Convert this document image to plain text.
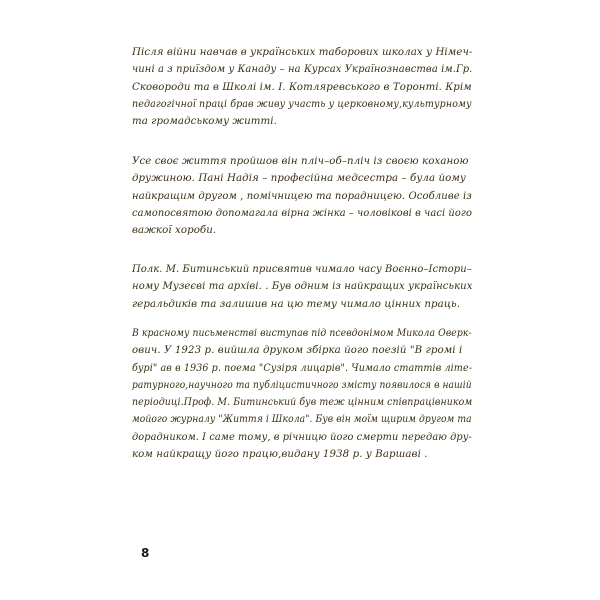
Після війни навчав в українських таборових школах у Німеч-
чині а з приїздом у Канаду – на Курсах Українознавства ім.Гр.
Сковороди та в Школі ім. І. Котляревського в Торонті. Крім
педагогічної праці брав живу участь у церковному,культурному
та громадському житті.

Усе своє життя пройшов він пліч–об–пліч із своєю коханою
дружиною. Пані Надія – професійна медсестра – була йому
найкращим другом , помічницею та порадницею. Особливе із
самопосвятою допомагала вірна жінка – чоловікові в часі його
важкої хороби.

Полк. М. Битинський присвятив чимало часу Воєнно–Істори–
ному Музеєві та архіві. . Був одним із найкращих українських
геральдиків та залишив на цю тему чимало цінних праць.

В красному письменстві виступав під псевдонімом Микола Оверк-
ович. У 1923 р. вийшла друком збірка його поезій "В громі і
бурі" ав в 1936 р. поема "Сузіря лицарів". Чимало статтів літе-
ратурного,научного та публіцистичного змісту появилося в нашій
періодиці.Проф. М. Битинський був теж цінним співпрацівником
мойого журналу "Життя і Школа". Був він моїм щирим другом та
дорадником. І саме тому, в річницю його смерти передаю дру-
ком найкращу його працю,видану 1938 р. у Варшаві .

8
